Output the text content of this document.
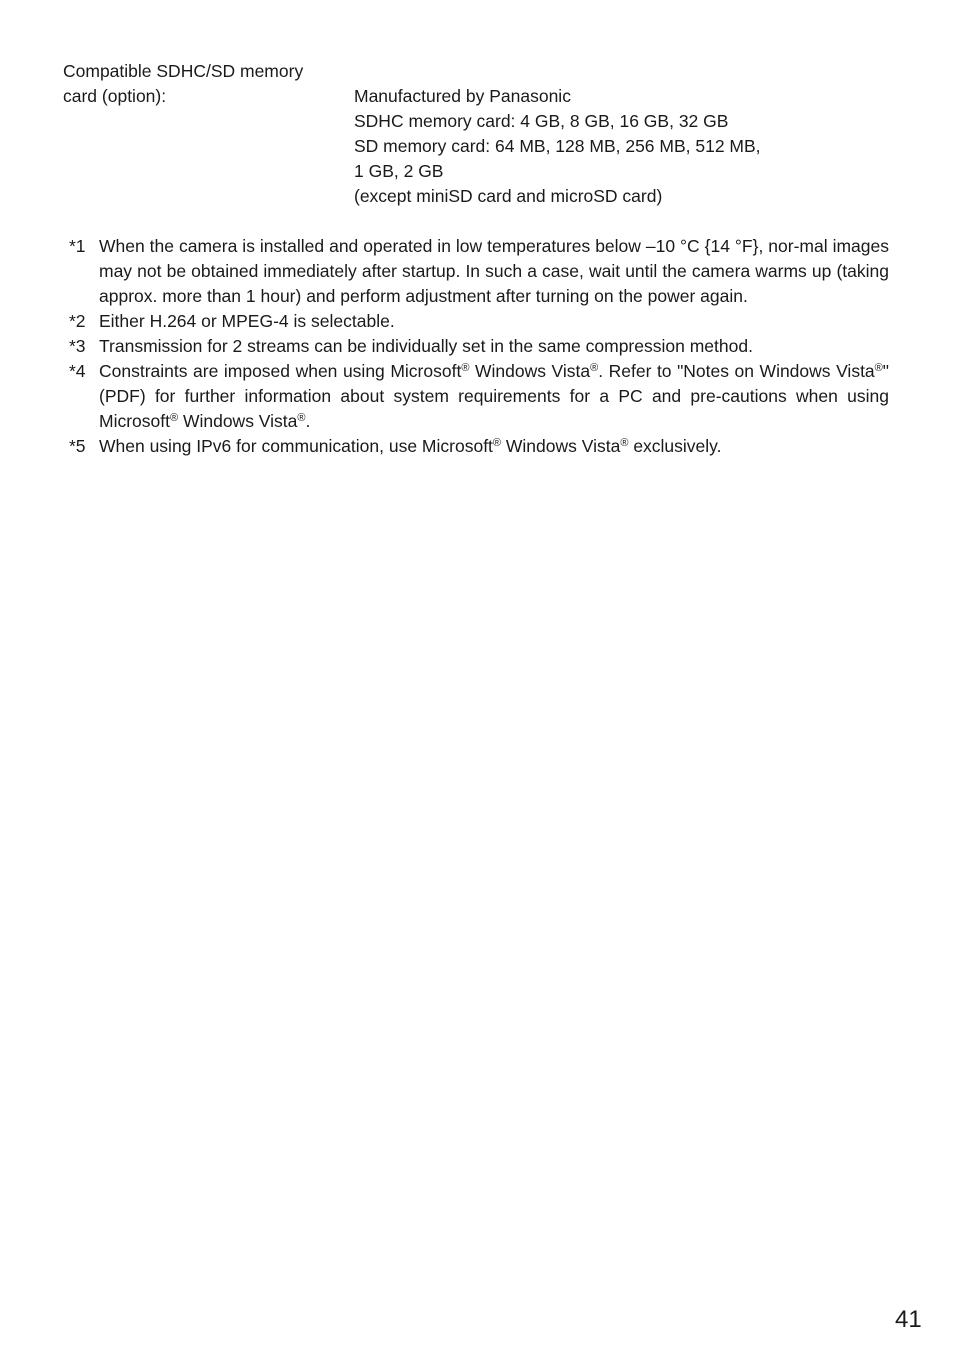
Compatible SDHC/SD memory
card (option):	Manufactured by Panasonic
SDHC memory card: 4 GB, 8 GB, 16 GB, 32 GB
SD memory card: 64 MB, 128 MB, 256 MB, 512 MB,
1 GB, 2 GB
(except miniSD card and microSD card)
*1 When the camera is installed and operated in low temperatures below –10 °C {14 °F}, nor-mal images may not be obtained immediately after startup. In such a case, wait until the camera warms up (taking approx. more than 1 hour) and perform adjustment after turning on the power again.
*2 Either H.264 or MPEG-4 is selectable.
*3 Transmission for 2 streams can be individually set in the same compression method.
*4 Constraints are imposed when using Microsoft® Windows Vista®. Refer to "Notes on Windows Vista®" (PDF) for further information about system requirements for a PC and pre-cautions when using Microsoft® Windows Vista®.
*5 When using IPv6 for communication, use Microsoft® Windows Vista® exclusively.
41
